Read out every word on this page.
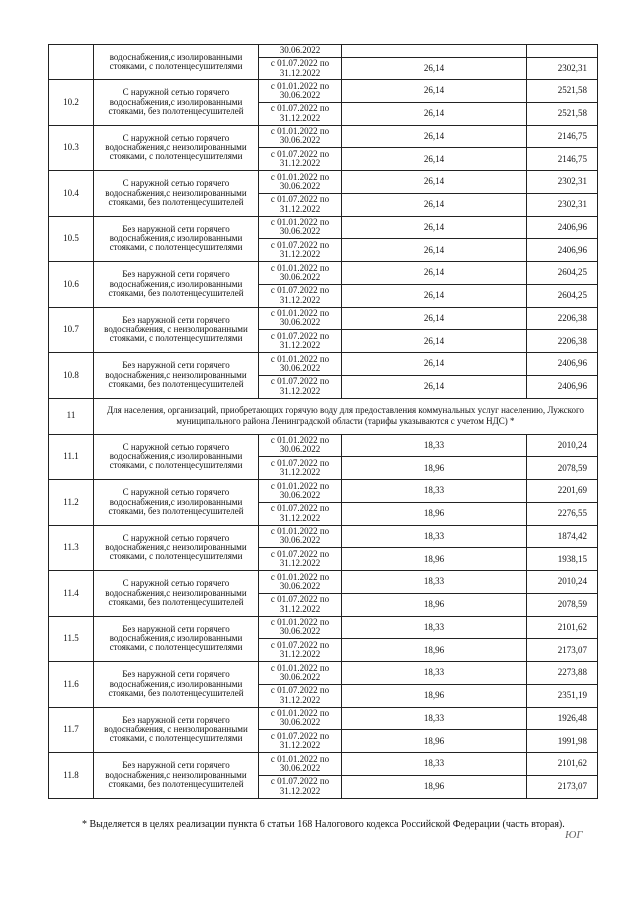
	водоснабжения,с изолированными стояками, с полотенцесушителями	30.06.2022		
		с 01.07.2022 по 31.12.2022	26,14	2302,31
10.2	С наружной сетью горячего водоснабжения,с изолированными стояками, без полотенцесушителей	с 01.01.2022 по 30.06.2022	26,14	2521,58
		с 01.07.2022 по 31.12.2022	26,14	2521,58
10.3	С наружной сетью горячего водоснабжения,с неизолированными стояками, с полотенцесушителями	с 01.01.2022 по 30.06.2022	26,14	2146,75
		с 01.07.2022 по 31.12.2022	26,14	2146,75
10.4	С наружной сетью горячего водоснабжения,с неизолированными стояками, без полотенцесушителей	с 01.01.2022 по 30.06.2022	26,14	2302,31
		с 01.07.2022 по 31.12.2022	26,14	2302,31
10.5	Без наружной сети горячего водоснабжения,с изолированными стояками, с полотенцесушителями	с 01.01.2022 по 30.06.2022	26,14	2406,96
		с 01.07.2022 по 31.12.2022	26,14	2406,96
10.6	Без наружной сети горячего водоснабжения,с изолированными стояками, без полотенцесушителей	с 01.01.2022 по 30.06.2022	26,14	2604,25
		с 01.07.2022 по 31.12.2022	26,14	2604,25
10.7	Без наружной сети горячего водоснабжения, с неизолированными стояками, с полотенцесушителями	с 01.01.2022 по 30.06.2022	26,14	2206,38
		с 01.07.2022 по 31.12.2022	26,14	2206,38
10.8	Без наружной сети горячего водоснабжения,с неизолированными стояками, без полотенцесушителей	с 01.01.2022 по 30.06.2022	26,14	2406,96
		с 01.07.2022 по 31.12.2022	26,14	2406,96
11	Для населения, организаций, приобретающих горячую воду для предоставления коммунальных услуг населению, Лужского муниципального района Ленинградской области (тарифы указываются с учетом НДС) *			
11.1	С наружной сетью горячего водоснабжения,с изолированными стояками, с полотенцесушителями	с 01.01.2022 по 30.06.2022	18,33	2010,24
		с 01.07.2022 по 31.12.2022	18,96	2078,59
11.2	С наружной сетью горячего водоснабжения,с изолированными стояками, без полотенцесушителей	с 01.01.2022 по 30.06.2022	18,33	2201,69
		с 01.07.2022 по 31.12.2022	18,96	2276,55
11.3	С наружной сетью горячего водоснабжения,с неизолированными стояками, с полотенцесушителями	с 01.01.2022 по 30.06.2022	18,33	1874,42
		с 01.07.2022 по 31.12.2022	18,96	1938,15
11.4	С наружной сетью горячего водоснабжения,с неизолированными стояками, без полотенцесушителей	с 01.01.2022 по 30.06.2022	18,33	2010,24
		с 01.07.2022 по 31.12.2022	18,96	2078,59
11.5	Без наружной сети горячего водоснабжения,с изолированными стояками, с полотенцесушителями	с 01.01.2022 по 30.06.2022	18,33	2101,62
		с 01.07.2022 по 31.12.2022	18,96	2173,07
11.6	Без наружной сети горячего водоснабжения,с изолированными стояками, без полотенцесушителей	с 01.01.2022 по 30.06.2022	18,33	2273,88
		с 01.07.2022 по 31.12.2022	18,96	2351,19
11.7	Без наружной сети горячего водоснабжения, с неизолированными стояками, с полотенцесушителями	с 01.01.2022 по 30.06.2022	18,33	1926,48
		с 01.07.2022 по 31.12.2022	18,96	1991,98
11.8	Без наружной сети горячего водоснабжения,с неизолированными стояками, без полотенцесушителей	с 01.01.2022 по 30.06.2022	18,33	2101,62
		с 01.07.2022 по 31.12.2022	18,96	2173,07

* Выделяется в целях реализации пункта 6 статьи 168 Налогового кодекса Российской Федерации (часть вторая).

ЮГ
